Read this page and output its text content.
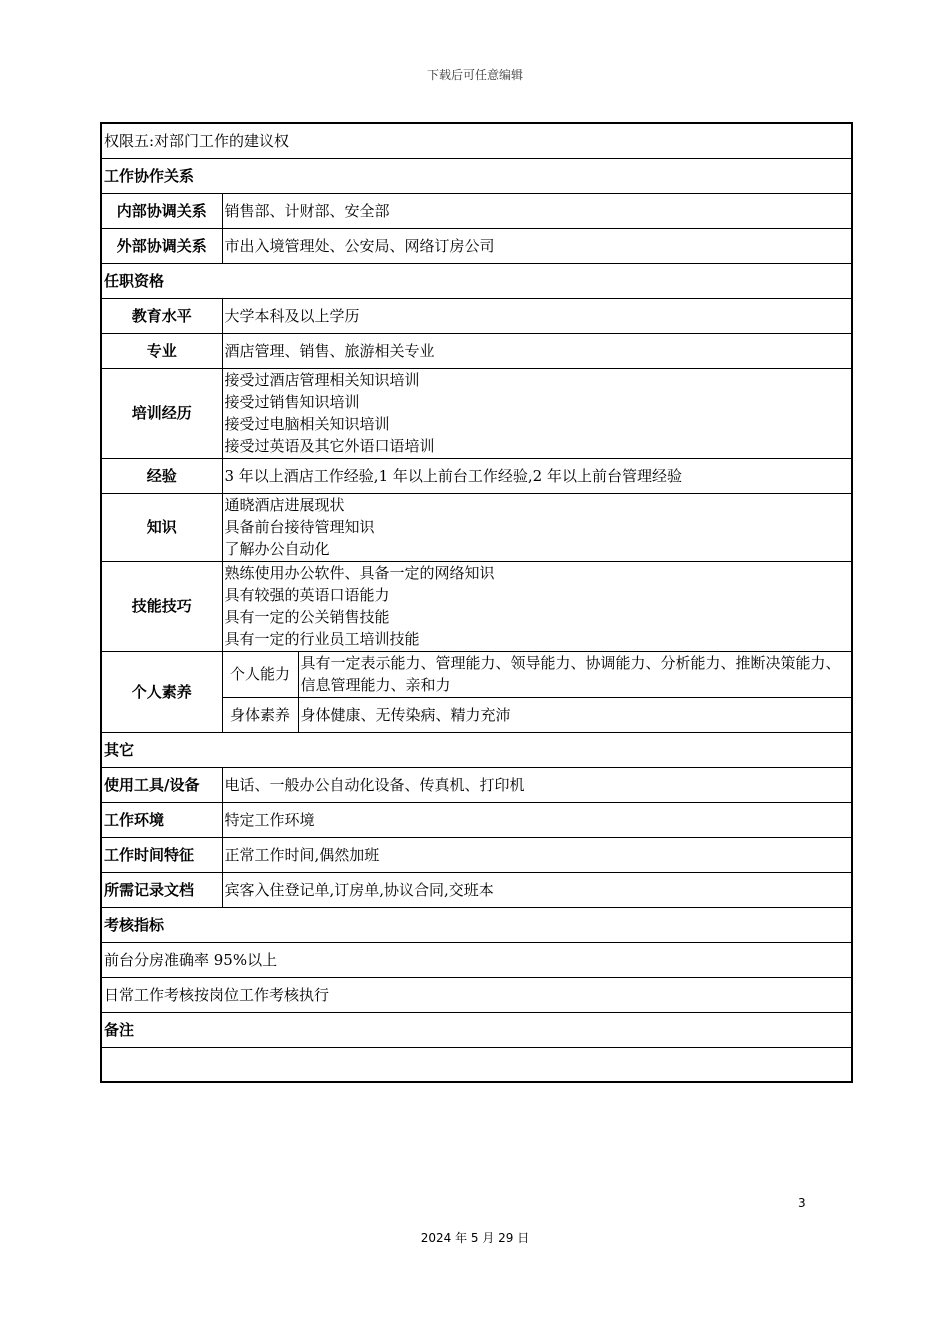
下载后可任意编辑
权限五:对部门工作的建议权		
工作协作关系		
内部协调关系	销售部、计财部、安全部	
外部协调关系	市出入境管理处、公安局、网络订房公司	
任职资格		
教育水平	大学本科及以上学历	
专业	酒店管理、销售、旅游相关专业	
培训经历	接受过酒店管理相关知识培训
接受过销售知识培训
接受过电脑相关知识培训
接受过英语及其它外语口语培训	

经验	3 年以上酒店工作经验,1 年以上前台工作经验,2 年以上前台管理经验	
知识	通晓酒店进展现状
具备前台接待管理知识
了解办公自动化	

技能技巧	熟练使用办公软件、具备一定的网络知识
具有较强的英语口语能力
具有一定的公关销售技能
具有一定的行业员工培训技能	

个人素养	个人能力	具有一定表示能力、管理能力、领导能力、协调能力、分析能力、推断决策能力、信息管理能力、亲和力
	身体素养	身体健康、无传染病、精力充沛
其它		
使用工具/设备	电话、一般办公自动化设备、传真机、打印机	
工作环境	特定工作环境	
工作时间特征	正常工作时间,偶然加班	
所需记录文档	宾客入住登记单,订房单,协议合同,交班本	
考核指标		
前台分房准确率 95%以上		
日常工作考核按岗位工作考核执行		
备注		

3
2024 年 5 月 29 日
